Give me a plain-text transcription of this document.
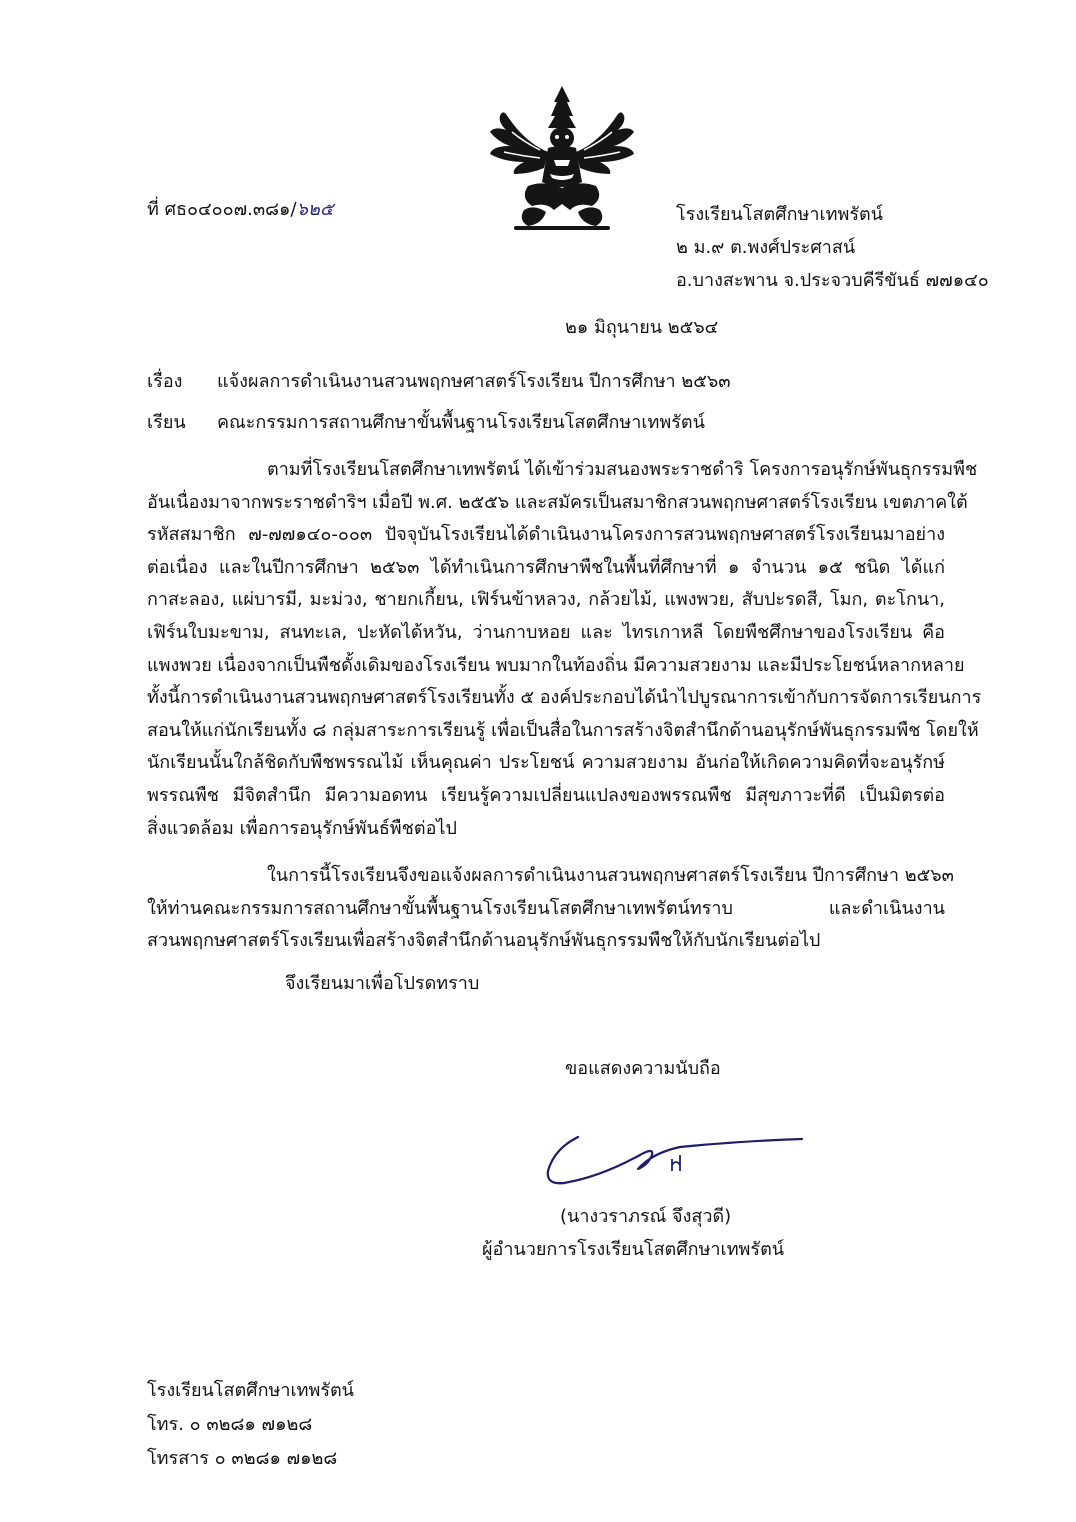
ที่ ศธ๐๔๐๐๗.๓๘๑/๖๒๕	โรงเรียนโสตศึกษาเทพรัตน์
๒ ม.๙ ต.พงศ์ประศาสน์
อ.บางสะพาน จ.ประจวบคีรีขันธ์ ๗๗๑๔๐
๒๑ มิถุนายน ๒๕๖๔
เรื่อง แจ้งผลการดำเนินงานสวนพฤกษศาสตร์โรงเรียน ปีการศึกษา ๒๕๖๓
เรียน คณะกรรมการสถานศึกษาขั้นพื้นฐานโรงเรียนโสตศึกษาเทพรัตน์
ตามที่โรงเรียนโสตศึกษาเทพรัตน์ ได้เข้าร่วมสนองพระราชดำริ โครงการอนุรักษ์พันธุกรรมพืช
อันเนื่องมาจากพระราชดำริฯ เมื่อปี พ.ศ. ๒๕๕๖ และสมัครเป็นสมาชิกสวนพฤกษศาสตร์โรงเรียน เขตภาคใต้
รหัสสมาชิก ๗-๗๗๑๔๐-๐๐๓ ปัจจุบันโรงเรียนได้ดำเนินงานโครงการสวนพฤกษศาสตร์โรงเรียนมาอย่าง
ต่อเนื่อง และในปีการศึกษา ๒๕๖๓ ได้ทำเนินการศึกษาพืชในพื้นที่ศึกษาที่ ๑ จำนวน ๑๕ ชนิด ได้แก่
กาสะลอง, แผ่บารมี, มะม่วง, ชายกเกี้ยน, เฟิร์นข้าหลวง, กล้วยไม้, แพงพวย, สับปะรดสี, โมก, ตะโกนา,
เฟิร์นใบมะขาม, สนทะเล, ปะหัดได้หวัน, ว่านกาบหอย และ ไทรเกาหลี โดยพืชศึกษาของโรงเรียน คือ
แพงพวย เนื่องจากเป็นพืชดั้งเดิมของโรงเรียน พบมากในท้องถิ่น มีความสวยงาม และมีประโยชน์หลากหลาย
ทั้งนี้การดำเนินงานสวนพฤกษศาสตร์โรงเรียนทั้ง ๕ องค์ประกอบได้นำไปบูรณาการเข้ากับการจัดการเรียนการ
สอนให้แก่นักเรียนทั้ง ๘ กลุ่มสาระการเรียนรู้ เพื่อเป็นสื่อในการสร้างจิตสำนึกด้านอนุรักษ์พันธุกรรมพืช โดยให้
นักเรียนนั้นใกล้ชิดกับพืชพรรณไม้ เห็นคุณค่า ประโยชน์ ความสวยงาม อันก่อให้เกิดความคิดที่จะอนุรักษ์
พรรณพืช มีจิตสำนึก มีความอดทน เรียนรู้ความเปลี่ยนแปลงของพรรณพืช มีสุขภาวะที่ดี เป็นมิตรต่อ
สิ่งแวดล้อม เพื่อการอนุรักษ์พันธ์พืชต่อไป
ในการนี้โรงเรียนจึงขอแจ้งผลการดำเนินงานสวนพฤกษศาสตร์โรงเรียน ปีการศึกษา ๒๕๖๓
ให้ท่านคณะกรรมการสถานศึกษาขั้นพื้นฐานโรงเรียนโสตศึกษาเทพรัตน์ทราบ และดำเนินงาน
สวนพฤกษศาสตร์โรงเรียนเพื่อสร้างจิตสำนึกด้านอนุรักษ์พันธุกรรมพืชให้กับนักเรียนต่อไป
จึงเรียนมาเพื่อโปรดทราบ
ขอแสดงความนับถือ
(นางวราภรณ์ จึงสุวดี)
ผู้อำนวยการโรงเรียนโสตศึกษาเทพรัตน์
โรงเรียนโสตศึกษาเทพรัตน์
โทร. ๐ ๓๒๘๑ ๗๑๒๘
โทรสาร ๐ ๓๒๘๑ ๗๑๒๘
